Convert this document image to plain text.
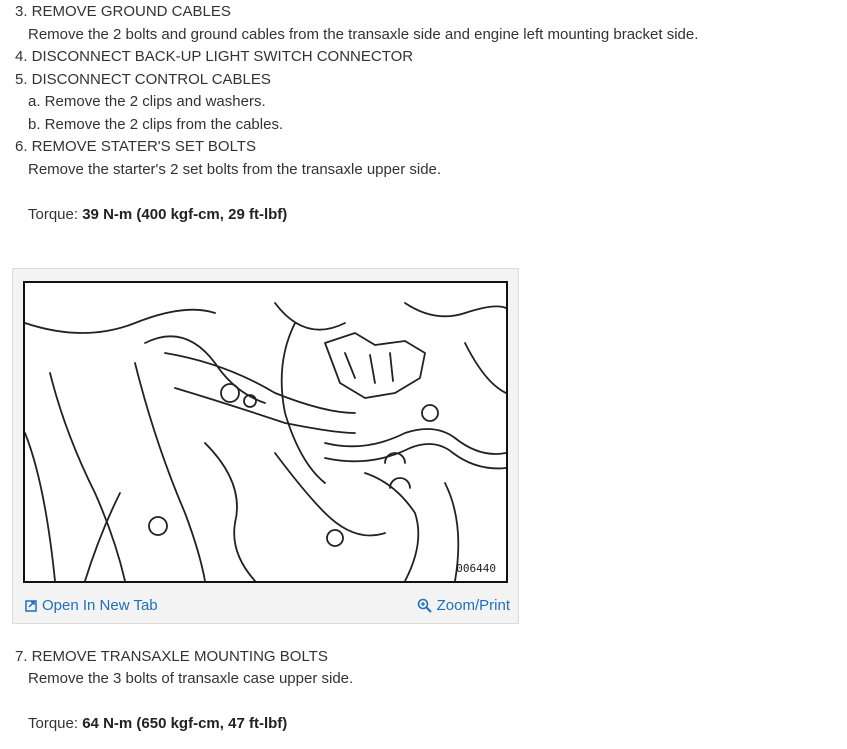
3. REMOVE GROUND CABLES
Remove the 2 bolts and ground cables from the transaxle side and engine left mounting bracket side.
4. DISCONNECT BACK-UP LIGHT SWITCH CONNECTOR
5. DISCONNECT CONTROL CABLES
a. Remove the 2 clips and washers.
b. Remove the 2 clips from the cables.
6. REMOVE STATER'S SET BOLTS
Remove the starter's 2 set bolts from the transaxle upper side.
Torque: 39 N-m (400 kgf-cm, 29 ft-lbf)
006440
Open In New Tab	Zoom/Print
7. REMOVE TRANSAXLE MOUNTING BOLTS
Remove the 3 bolts of transaxle case upper side.
Torque: 64 N-m (650 kgf-cm, 47 ft-lbf)
